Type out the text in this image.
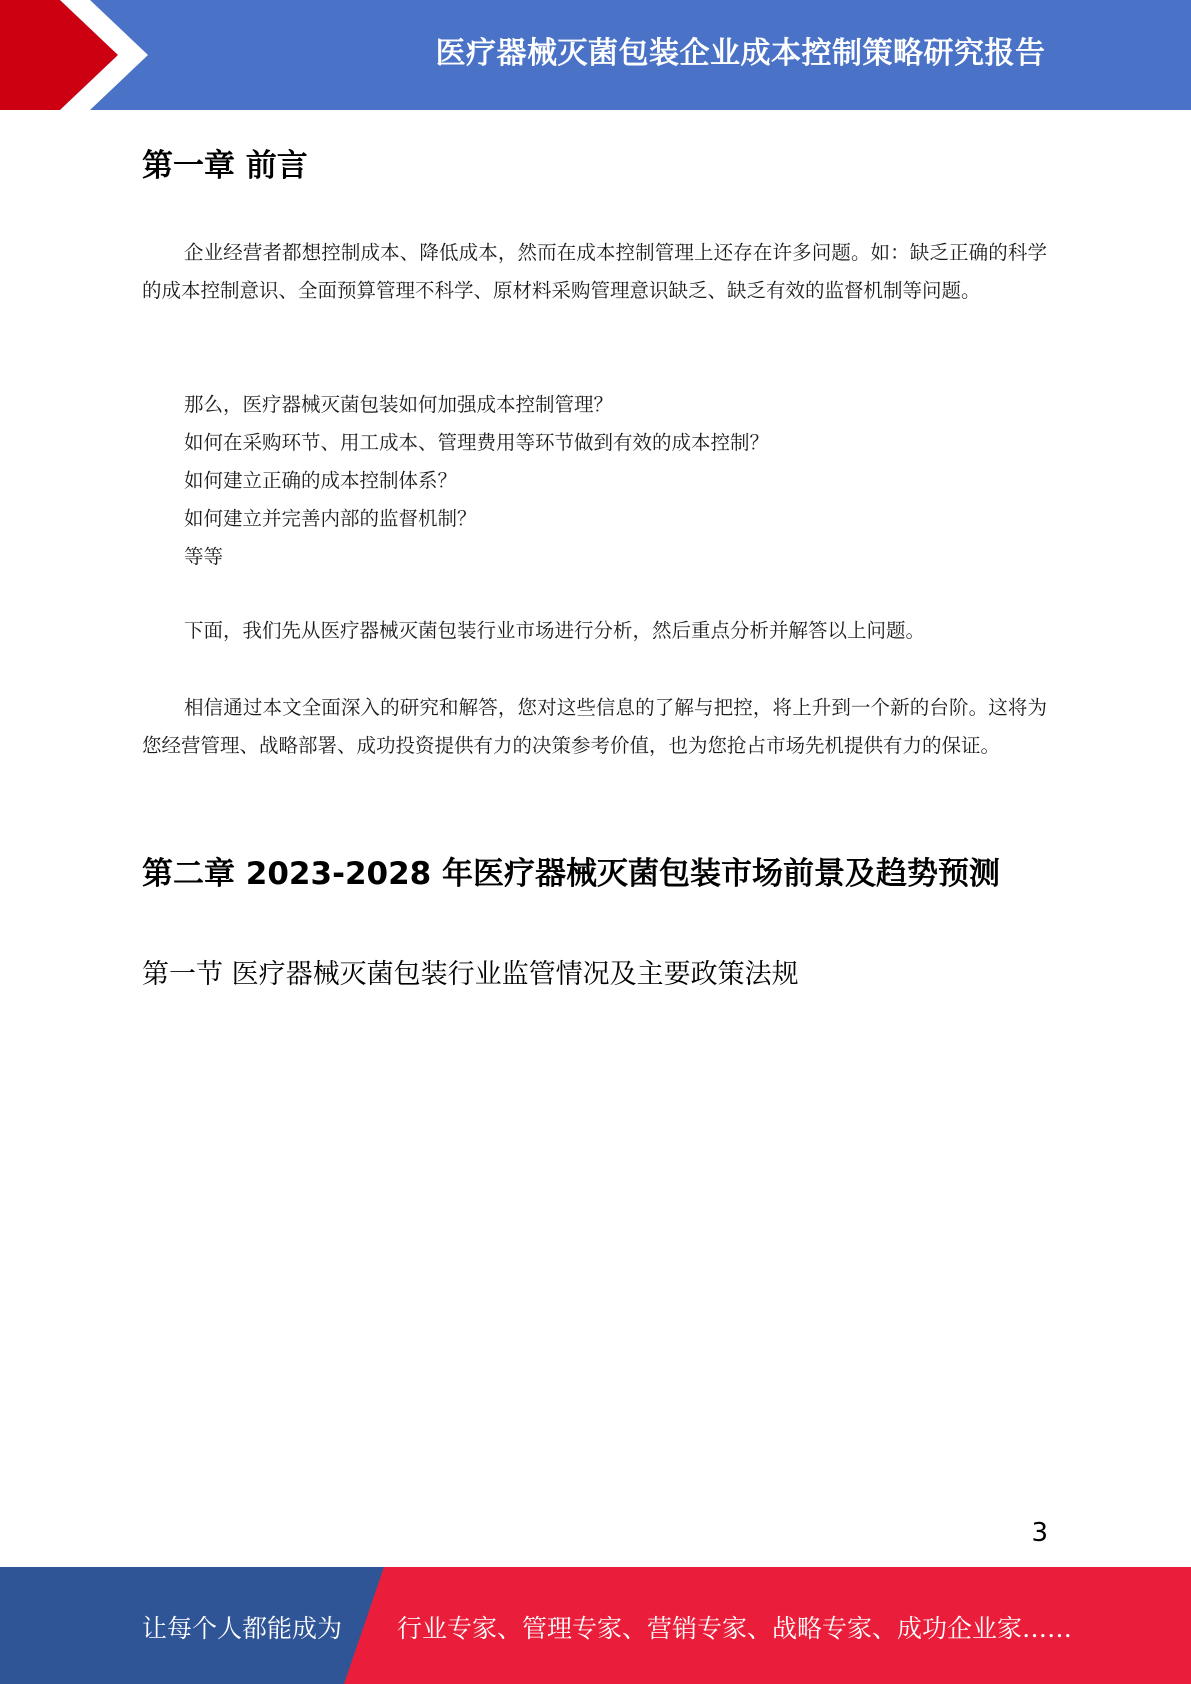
医疗器械灭菌包装企业成本控制策略研究报告
第一章 前言

企业经营者都想控制成本、降低成本，然而在成本控制管理上还存在许多问题。如：缺乏正确的科学的成本控制意识、全面预算管理不科学、原材料采购管理意识缺乏、缺乏有效的监督机制等问题。

那么，医疗器械灭菌包装如何加强成本控制管理？
如何在采购环节、用工成本、管理费用等环节做到有效的成本控制？
如何建立正确的成本控制体系？
如何建立并完善内部的监督机制？
等等

下面，我们先从医疗器械灭菌包装行业市场进行分析，然后重点分析并解答以上问题。

相信通过本文全面深入的研究和解答，您对这些信息的了解与把控，将上升到一个新的台阶。这将为您经营管理、战略部署、成功投资提供有力的决策参考价值，也为您抢占市场先机提供有力的保证。

第二章 2023-2028 年医疗器械灭菌包装市场前景及趋势预测
第一节 医疗器械灭菌包装行业监管情况及主要政策法规
3
让每个人都能成为 行业专家、管理专家、营销专家、战略专家、成功企业家……
